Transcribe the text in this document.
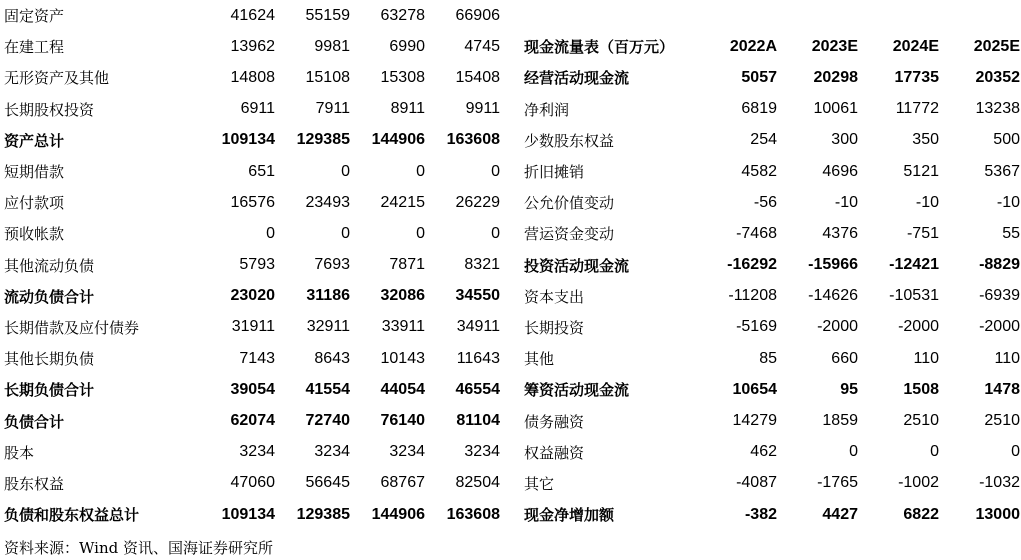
固定资产	41624	55159	63278	66906
在建工程	13962	9981	6990	4745
无形资产及其他	14808	15108	15308	15408
长期股权投资	6911	7911	8911	9911
资产总计	109134	129385	144906	163608
短期借款	651	0	0	0
应付款项	16576	23493	24215	26229
预收帐款	0	0	0	0
其他流动负债	5793	7693	7871	8321
流动负债合计	23020	31186	32086	34550
长期借款及应付债券	31911	32911	33911	34911
其他长期负债	7143	8643	10143	11643
长期负债合计	39054	41554	44054	46554
负债合计	62074	72740	76140	81104
股本	3234	3234	3234	3234
股东权益	47060	56645	68767	82504
负债和股东权益总计	109134	129385	144906	163608

现金流量表（百万元）	2022A	2023E	2024E	2025E
经营活动现金流	5057	20298	17735	20352
净利润	6819	10061	11772	13238
少数股东权益	254	300	350	500
折旧摊销	4582	4696	5121	5367
公允价值变动	-56	-10	-10	-10
营运资金变动	-7468	4376	-751	55
投资活动现金流	-16292	-15966	-12421	-8829
资本支出	-11208	-14626	-10531	-6939
长期投资	-5169	-2000	-2000	-2000
其他	85	660	110	110
筹资活动现金流	10654	95	1508	1478
债务融资	14279	1859	2510	2510
权益融资	462	0	0	0
其它	-4087	-1765	-1002	-1032
现金净增加额	-382	4427	6822	13000
资料来源：Wind 资讯、国海证券研究所
